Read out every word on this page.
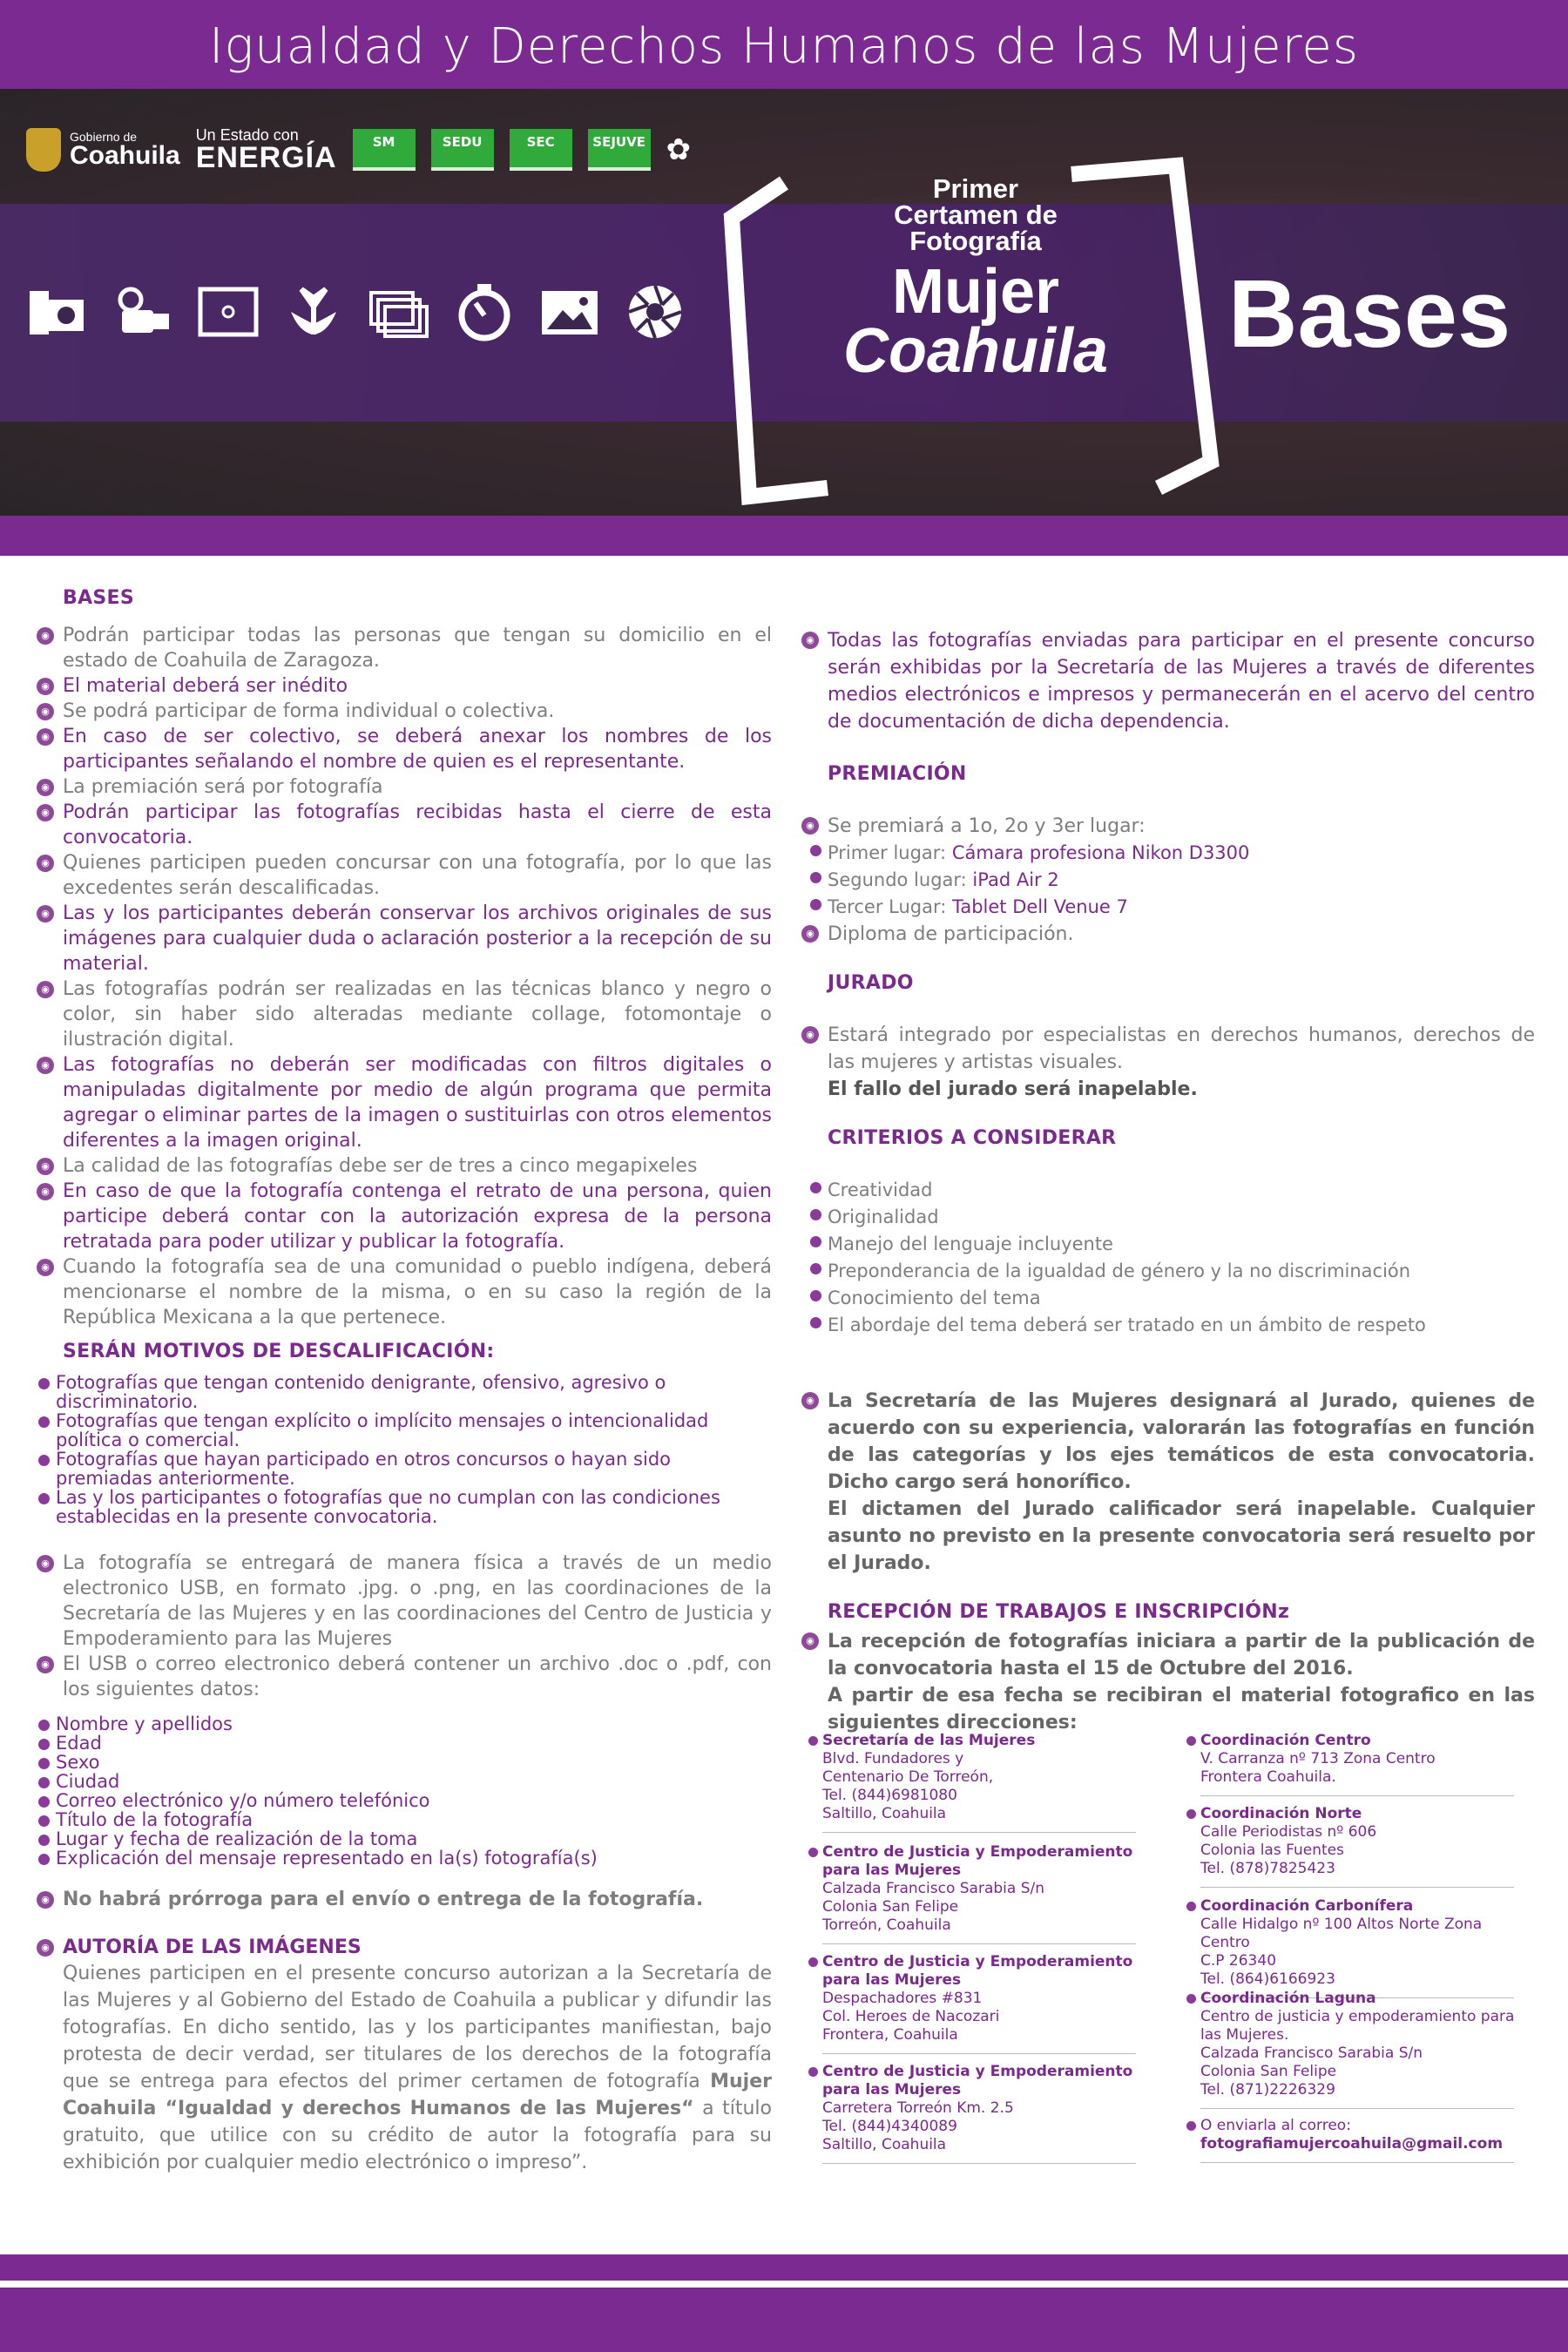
Igualdad y Derechos Humanos de las Mujeres
Gobierno de
Coahuila
Un Estado con
ENERGÍA	SM	SEDU	SEC	SEJUVE ✿
Primer
Certamen de
Fotografía
Mujer
Coahuila Bases
BASES
◉ Podrán participar todas las personas que tengan su domicilio en el estado de Coahuila de Zaragoza.
◉ El material deberá ser inédito
◉ Se podrá participar de forma individual o colectiva.
◉ En caso de ser colectivo, se deberá anexar los nombres de los participantes señalando el nombre de quien es el representante.
◉ La premiación será por fotografía
◉ Podrán participar las fotografías recibidas hasta el cierre de esta convocatoria.
◉ Quienes participen pueden concursar con una fotografía, por lo que las excedentes serán descalificadas.
◉ Las y los participantes deberán conservar los archivos originales de sus imágenes para cualquier duda o aclaración posterior a la recepción de su material.
◉ Las fotografías podrán ser realizadas en las técnicas blanco y negro o color, sin haber sido alteradas mediante collage, fotomontaje o ilustración digital.
◉ Las fotografías no deberán ser modificadas con filtros digitales o manipuladas digitalmente por medio de algún programa que permita agregar o eliminar partes de la imagen o sustituirlas con otros elementos diferentes a la imagen original.
◉ La calidad de las fotografías debe ser de tres a cinco megapixeles
◉ En caso de que la fotografía contenga el retrato de una persona, quien participe deberá contar con la autorización expresa de la persona retratada para poder utilizar y publicar la fotografía.
◉ Cuando la fotografía sea de una comunidad o pueblo indígena, deberá mencionarse el nombre de la misma, o en su caso la región de la República Mexicana a la que pertenece.
SERÁN MOTIVOS DE DESCALIFICACIÓN:
Fotografías que tengan contenido denigrante, ofensivo, agresivo o discriminatorio.
Fotografías que tengan explícito o implícito mensajes o intencionalidad política o comercial.
Fotografías que hayan participado en otros concursos o hayan sido premiadas anteriormente.
Las y los participantes o fotografías que no cumplan con las condiciones establecidas en la presente convocatoria.
◉ La fotografía se entregará de manera física a través de un medio electronico USB, en formato .jpg. o .png, en las coordinaciones de la Secretaría de las Mujeres y en las coordinaciones del Centro de Justicia y Empoderamiento para las Mujeres
◉ El USB o correo electronico deberá contener un archivo .doc o .pdf, con los siguientes datos:
Nombre y apellidos
Edad
Sexo
Ciudad
Correo electrónico y/o número telefónico
Título de la fotografía
Lugar y fecha de realización de la toma
Explicación del mensaje representado en la(s) fotografía(s)
◉ No habrá prórroga para el envío o entrega de la fotografía.
◉ AUTORÍA DE LAS IMÁGENES
Quienes participen en el presente concurso autorizan a la Secretaría de las Mujeres y al Gobierno del Estado de Coahuila a publicar y difundir las fotografías. En dicho sentido, las y los participantes manifiestan, bajo protesta de decir verdad, ser titulares de los derechos de la fotografía que se entrega para efectos del primer certamen de fotografía Mujer Coahuila “Igualdad y derechos Humanos de las Mujeres“ a título gratuito, que utilice con su crédito de autor la fotografía para su exhibición por cualquier medio electrónico o impreso”.
◉ Todas las fotografías enviadas para participar en el presente concurso serán exhibidas por la Secretaría de las Mujeres a través de diferentes medios electrónicos e impresos y permanecerán en el acervo del centro de documentación de dicha dependencia.
PREMIACIÓN
◉ Se premiará a 1o, 2o y 3er lugar:
Primer lugar: Cámara profesiona Nikon D3300
Segundo lugar: iPad Air 2
Tercer Lugar: Tablet Dell Venue 7
◉ Diploma de participación.
JURADO
◉ Estará integrado por especialistas en derechos humanos, derechos de las mujeres y artistas visuales.
El fallo del jurado será inapelable.
CRITERIOS A CONSIDERAR
Creatividad
Originalidad
Manejo del lenguaje incluyente
Preponderancia de la igualdad de género y la no discriminación
Conocimiento del tema
El abordaje del tema deberá ser tratado en un ámbito de respeto
◉ La Secretaría de las Mujeres designará al Jurado, quienes de acuerdo con su experiencia, valorarán las fotografías en función de las categorías y los ejes temáticos de esta convocatoria. Dicho cargo será honorífico.
El dictamen del Jurado calificador será inapelable. Cualquier asunto no previsto en la presente convocatoria será resuelto por el Jurado.
RECEPCIÓN DE TRABAJOS E INSCRIPCIÓNz
◉ La recepción de fotografías iniciara a partir de la publicación de la convocatoria hasta el 15 de Octubre del 2016.
A partir de esa fecha se recibiran el material fotografico en las siguientes direcciones:
Secretaría de las Mujeres
Blvd. Fundadores y
Centenario De Torreón,
Tel. (844)6981080
Saltillo, Coahuila
Centro de Justicia y Empoderamiento para las Mujeres
Calzada Francisco Sarabia S/n
Colonia San Felipe
Torreón, Coahuila
Centro de Justicia y Empoderamiento para las Mujeres
Despachadores #831
Col. Heroes de Nacozari
Frontera, Coahuila
Centro de Justicia y Empoderamiento para las Mujeres
Carretera Torreón Km. 2.5
Tel. (844)4340089
Saltillo, Coahuila
Coordinación Centro
V. Carranza nº 713 Zona Centro
Frontera Coahuila.
Coordinación Norte
Calle Periodistas nº 606
Colonia las Fuentes
Tel. (878)7825423
Coordinación Carbonífera
Calle Hidalgo nº 100 Altos Norte Zona Centro
C.P 26340
Tel. (864)6166923
Coordinación Laguna
Centro de justicia y empoderamiento para las Mujeres.
Calzada Francisco Sarabia S/n
Colonia San Felipe
Tel. (871)2226329
O enviarla al correo:

fotografiamujercoahuila@gmail.com
